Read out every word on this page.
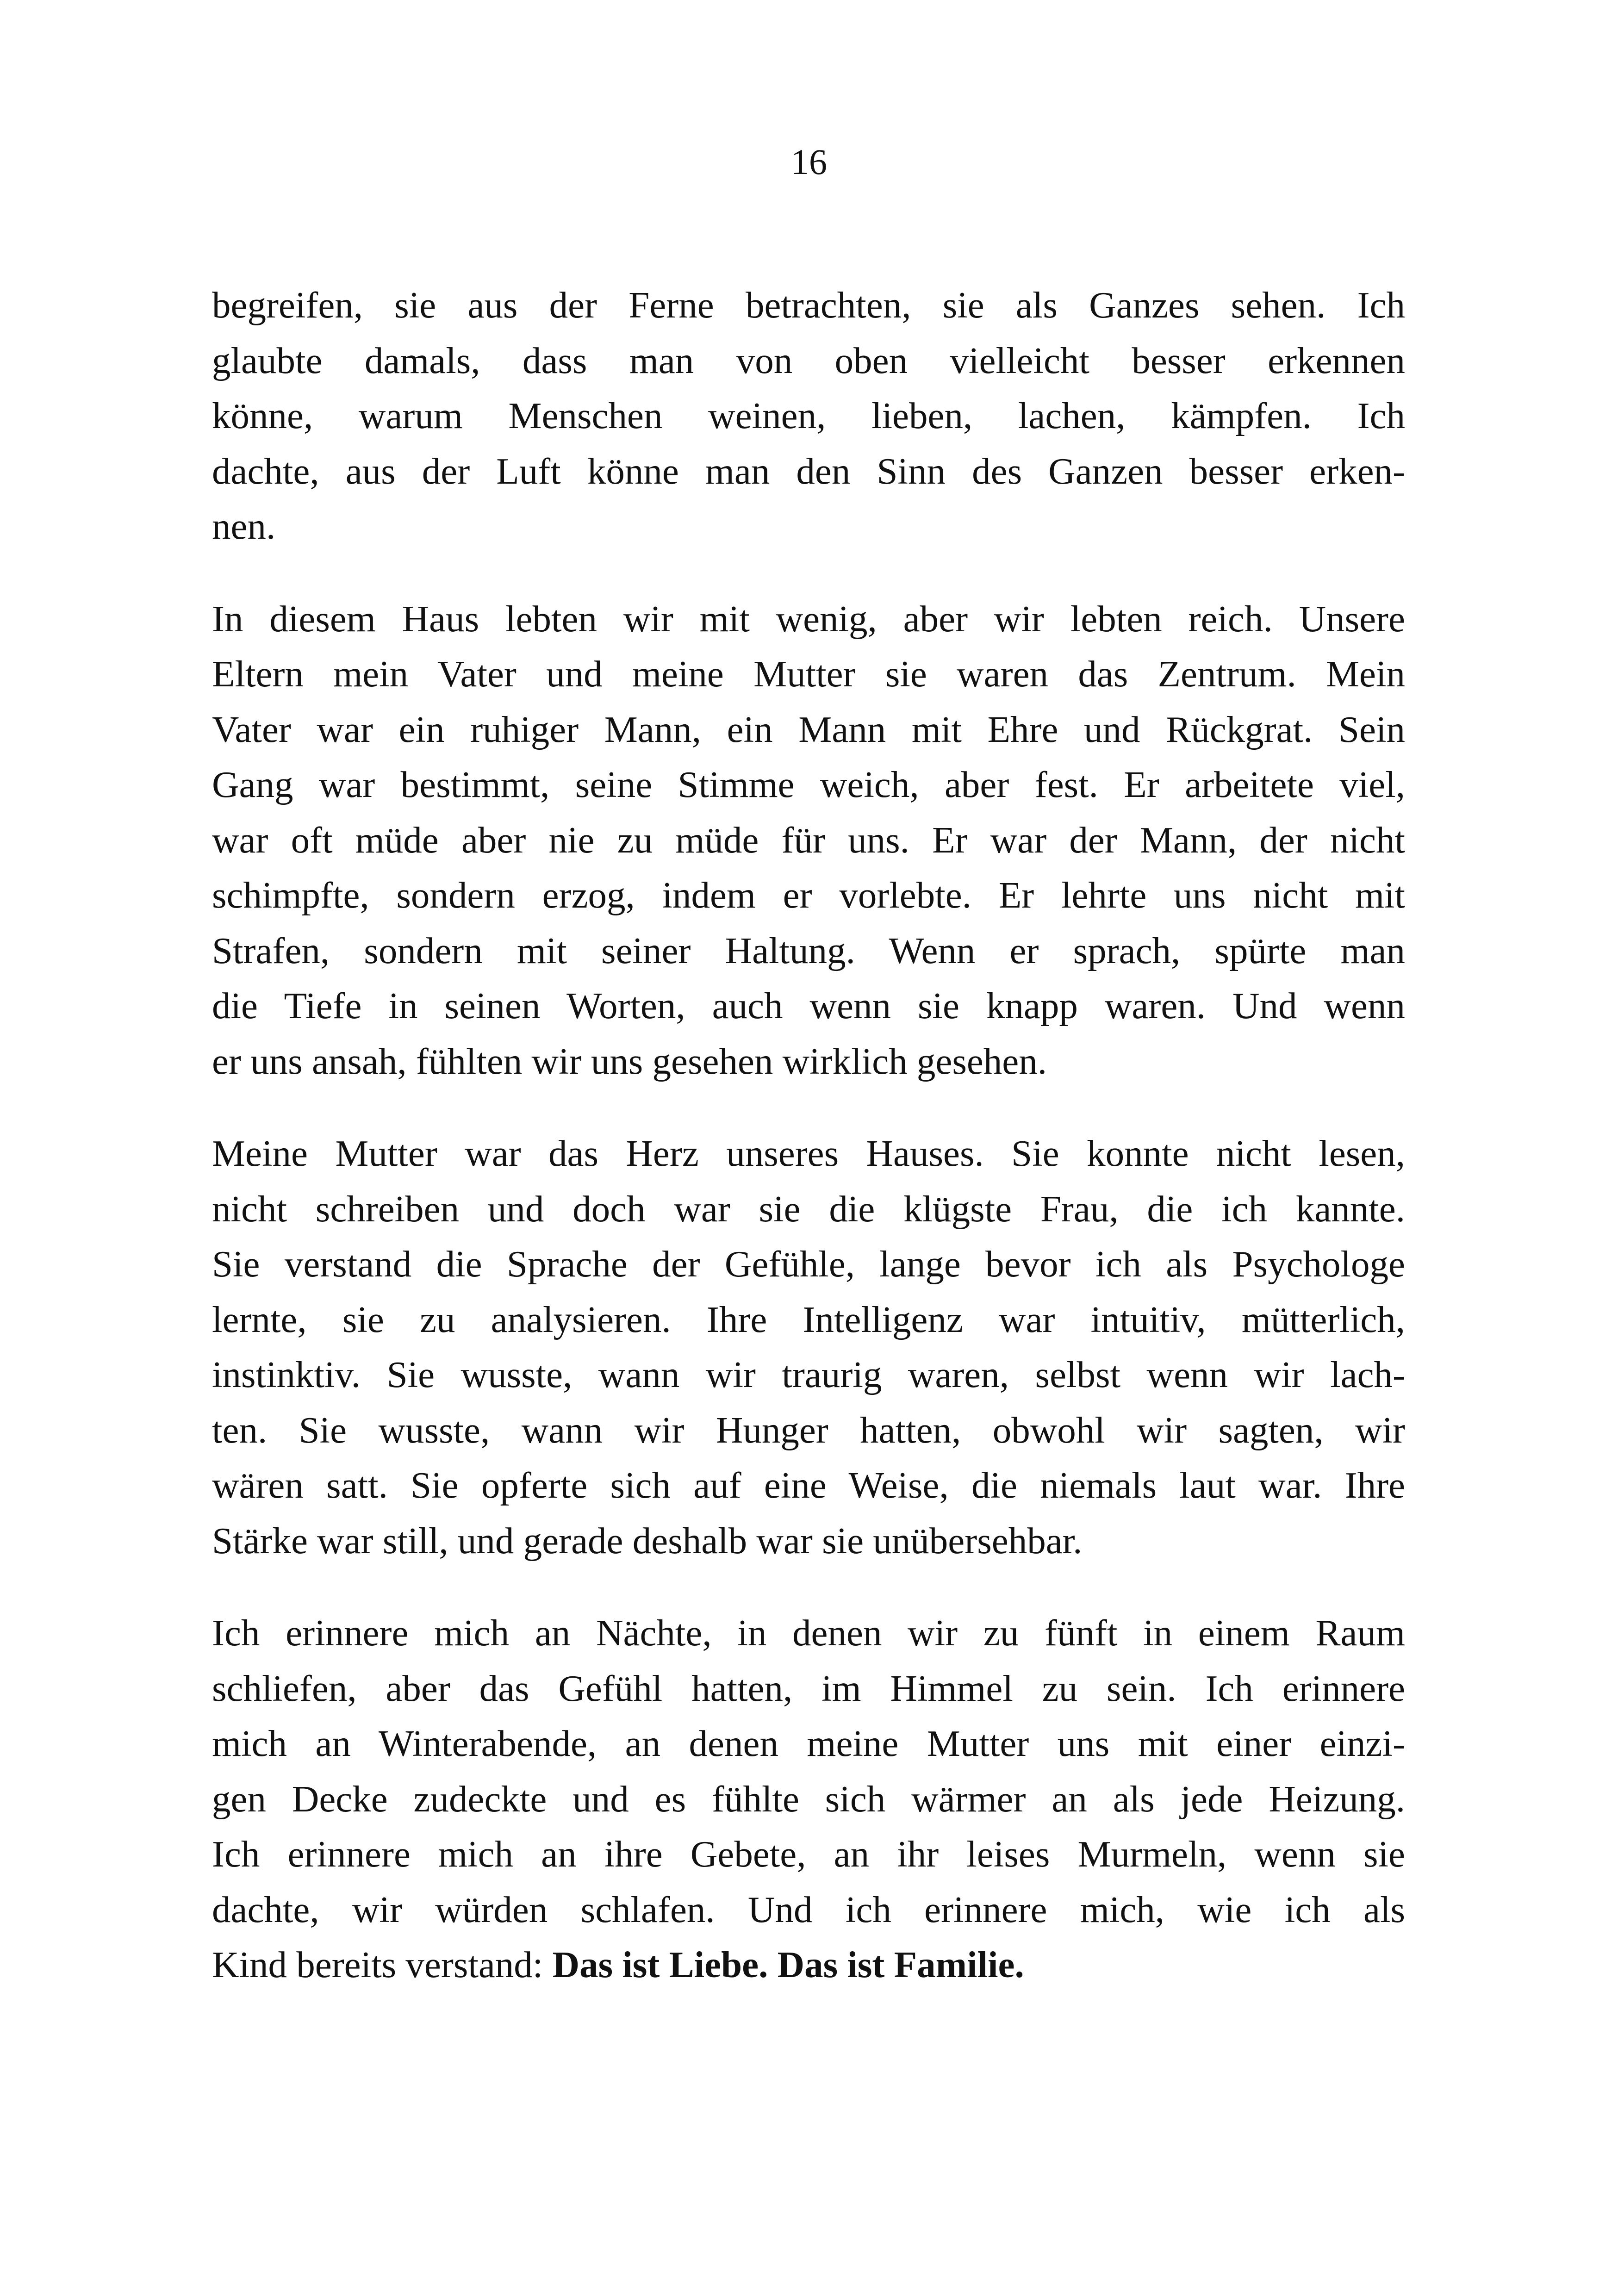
16

begreifen, sie aus der Ferne betrachten, sie als Ganzes sehen. Ich
glaubte damals, dass man von oben vielleicht besser erkennen
könne, warum Menschen weinen, lieben, lachen, kämpfen. Ich
dachte, aus der Luft könne man den Sinn des Ganzen besser erken-
nen.

In diesem Haus lebten wir mit wenig, aber wir lebten reich. Unsere
Eltern mein Vater und meine Mutter sie waren das Zentrum. Mein
Vater war ein ruhiger Mann, ein Mann mit Ehre und Rückgrat. Sein
Gang war bestimmt, seine Stimme weich, aber fest. Er arbeitete viel,
war oft müde aber nie zu müde für uns. Er war der Mann, der nicht
schimpfte, sondern erzog, indem er vorlebte. Er lehrte uns nicht mit
Strafen, sondern mit seiner Haltung. Wenn er sprach, spürte man
die Tiefe in seinen Worten, auch wenn sie knapp waren. Und wenn
er uns ansah, fühlten wir uns gesehen wirklich gesehen.

Meine Mutter war das Herz unseres Hauses. Sie konnte nicht lesen,
nicht schreiben und doch war sie die klügste Frau, die ich kannte.
Sie verstand die Sprache der Gefühle, lange bevor ich als Psychologe
lernte, sie zu analysieren. Ihre Intelligenz war intuitiv, mütterlich,
instinktiv. Sie wusste, wann wir traurig waren, selbst wenn wir lach-
ten. Sie wusste, wann wir Hunger hatten, obwohl wir sagten, wir
wären satt. Sie opferte sich auf eine Weise, die niemals laut war. Ihre
Stärke war still, und gerade deshalb war sie unübersehbar.

Ich erinnere mich an Nächte, in denen wir zu fünft in einem Raum
schliefen, aber das Gefühl hatten, im Himmel zu sein. Ich erinnere
mich an Winterabende, an denen meine Mutter uns mit einer einzi-
gen Decke zudeckte und es fühlte sich wärmer an als jede Heizung.
Ich erinnere mich an ihre Gebete, an ihr leises Murmeln, wenn sie
dachte, wir würden schlafen. Und ich erinnere mich, wie ich als
Kind bereits verstand: Das ist Liebe. Das ist Familie.
